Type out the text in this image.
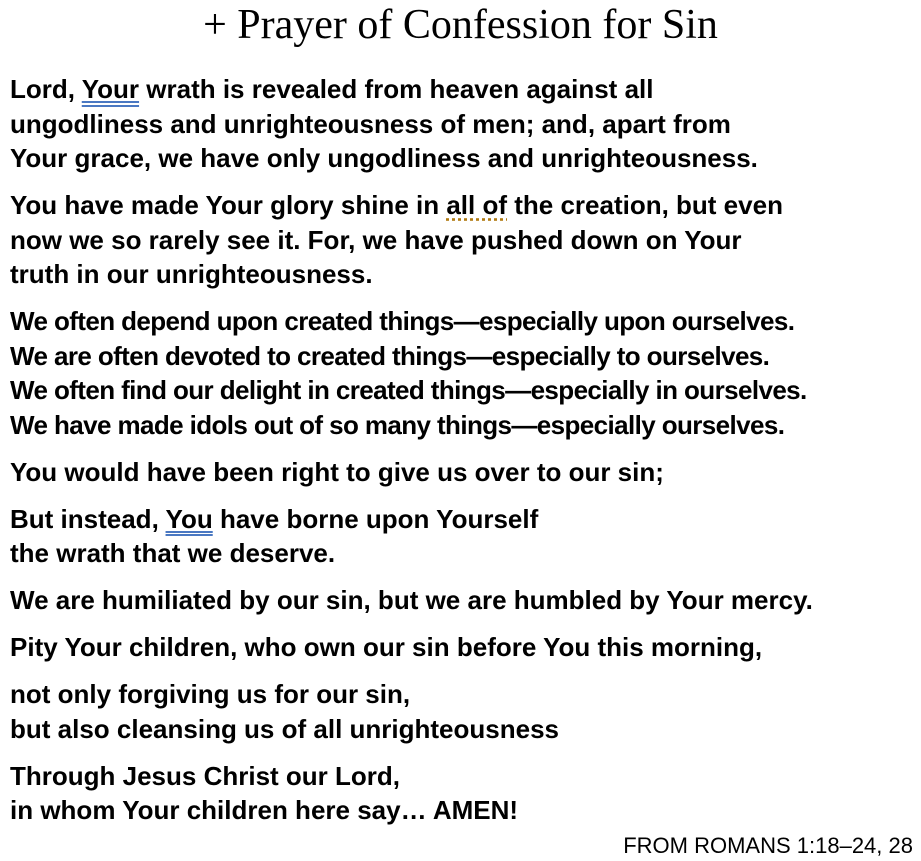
+ Prayer of Confession for Sin

Lord, Your wrath is revealed from heaven against all
ungodliness and unrighteousness of men; and, apart from
Your grace, we have only ungodliness and unrighteousness.

You have made Your glory shine in all of the creation, but even
now we so rarely see it. For, we have pushed down on Your
truth in our unrighteousness.

We often depend upon created things—especially upon ourselves.
We are often devoted to created things—especially to ourselves.
We often find our delight in created things—especially in ourselves.
We have made idols out of so many things—especially ourselves.

You would have been right to give us over to our sin;

But instead, You have borne upon Yourself
the wrath that we deserve.

We are humiliated by our sin, but we are humbled by Your mercy.

Pity Your children, who own our sin before You this morning,

not only forgiving us for our sin,
but also cleansing us of all unrighteousness

Through Jesus Christ our Lord,
in whom Your children here say… AMEN!

FROM ROMANS 1:18–24, 28
